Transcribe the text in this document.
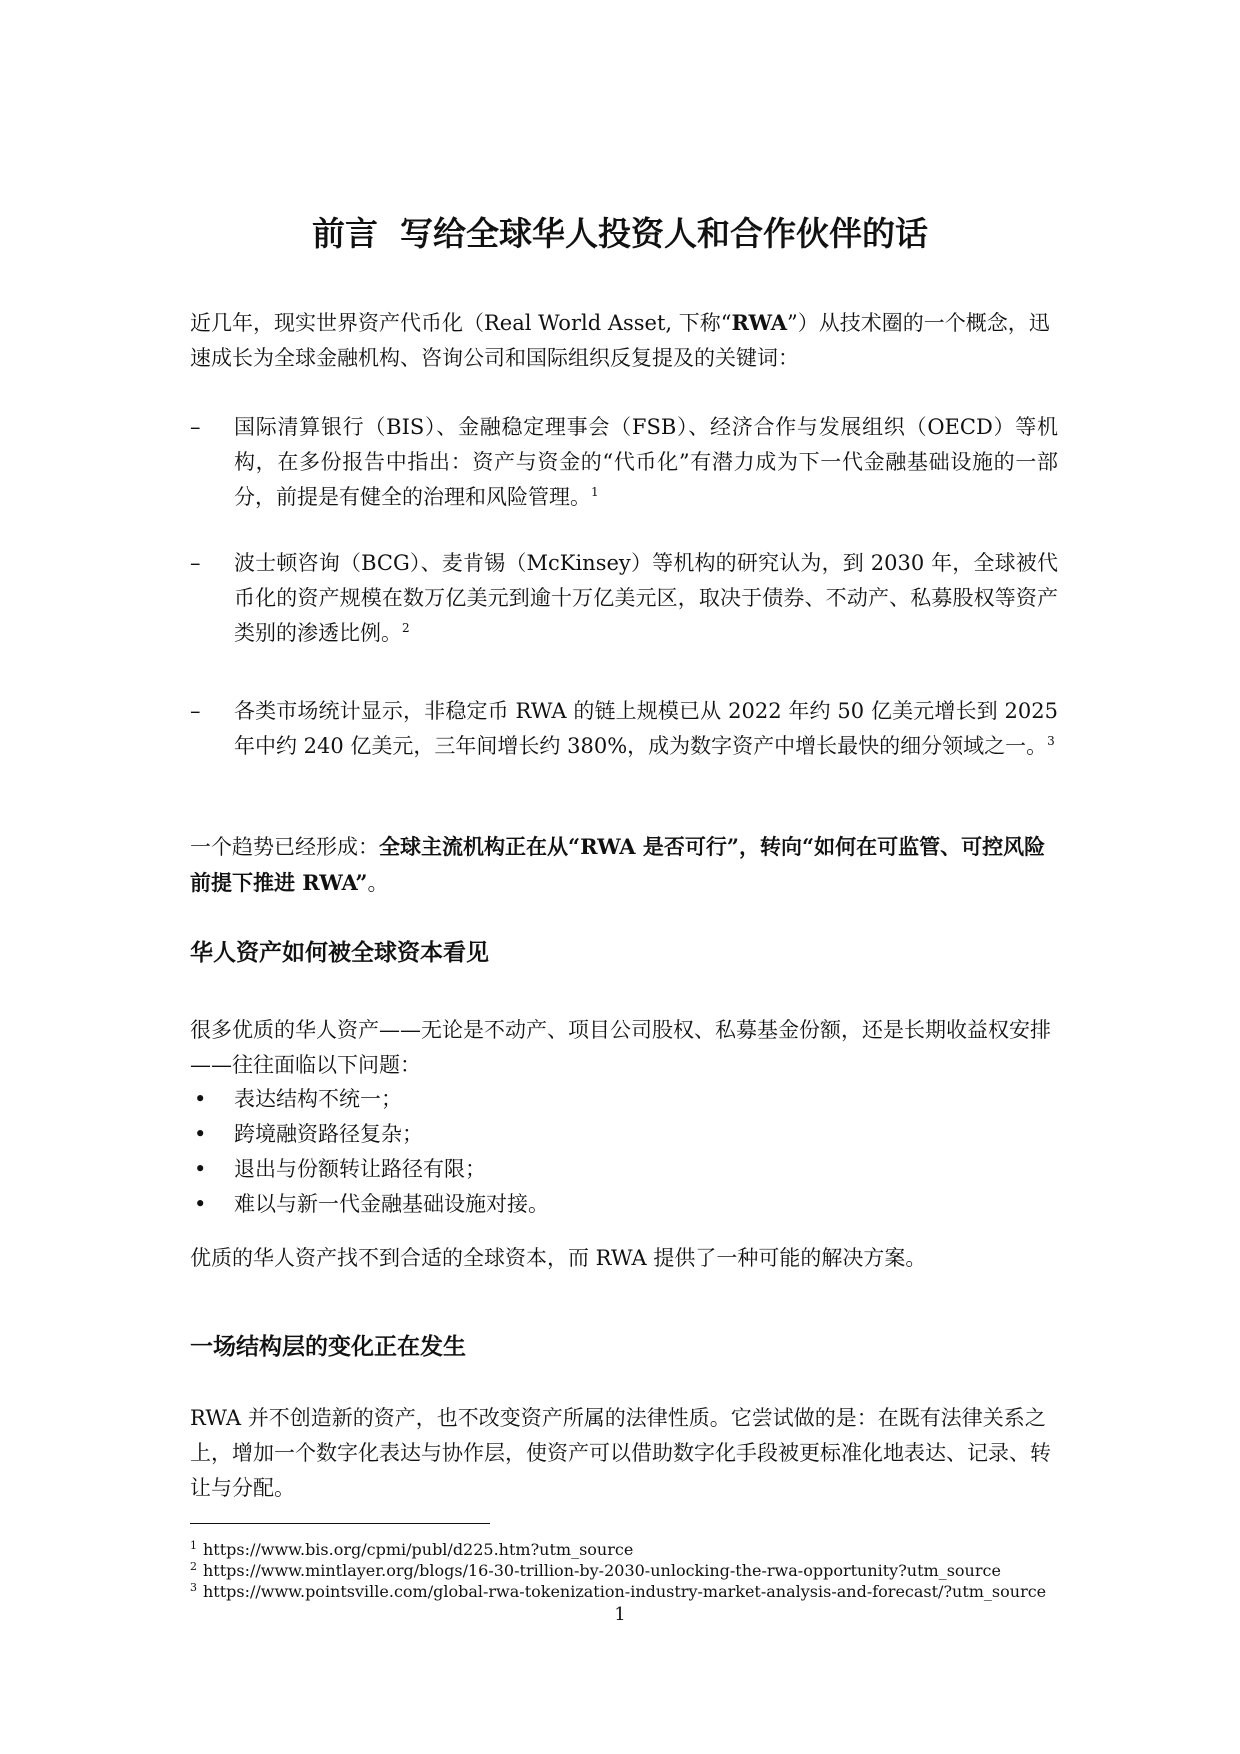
前言 写给全球华人投资人和合作伙伴的话

近几年，现实世界资产代币化（Real World Asset, 下称“RWA”）从技术圈的一个概念，迅速成长为全球金融机构、咨询公司和国际组织反复提及的关键词：

–	国际清算银行（BIS）、金融稳定理事会（FSB）、经济合作与发展组织（OECD）等机构，在多份报告中指出：资产与资金的“代币化”有潜力成为下一代金融基础设施的一部分，前提是有健全的治理和风险管理。$^1$
–	波士顿咨询（BCG）、麦肯锡（McKinsey）等机构的研究认为，到 2030 年，全球被代币化的资产规模在数万亿美元到逾十万亿美元区，取决于债券、不动产、私募股权等资产类别的渗透比例。$^2$
–	各类市场统计显示，非稳定币 RWA 的链上规模已从 2022 年约 50 亿美元增长到 2025 年中约 240 亿美元，三年间增长约 380%，成为数字资产中增长最快的细分领域之一。$^3$

一个趋势已经形成：全球主流机构正在从“RWA 是否可行”，转向“如何在可监管、可控风险前提下推进 RWA”。

华人资产如何被全球资本看见

很多优质的华人资产——无论是不动产、项目公司股权、私募基金份额，还是长期收益权安排——往往面临以下问题：

• 表达结构不统一；
• 跨境融资路径复杂；
• 退出与份额转让路径有限；
• 难以与新一代金融基础设施对接。

优质的华人资产找不到合适的全球资本，而 RWA 提供了一种可能的解决方案。

一场结构层的变化正在发生

RWA 并不创造新的资产，也不改变资产所属的法律性质。它尝试做的是：在既有法律关系之上，增加一个数字化表达与协作层，使资产可以借助数字化手段被更标准化地表达、记录、转让与分配。

$^1$ https://www.bis.org/cpmi/publ/d225.htm?utm_source
$^2$ https://www.mintlayer.org/blogs/16-30-trillion-by-2030-unlocking-the-rwa-opportunity?utm_source
$^3$ https://www.pointsville.com/global-rwa-tokenization-industry-market-analysis-and-forecast/?utm_source
1
